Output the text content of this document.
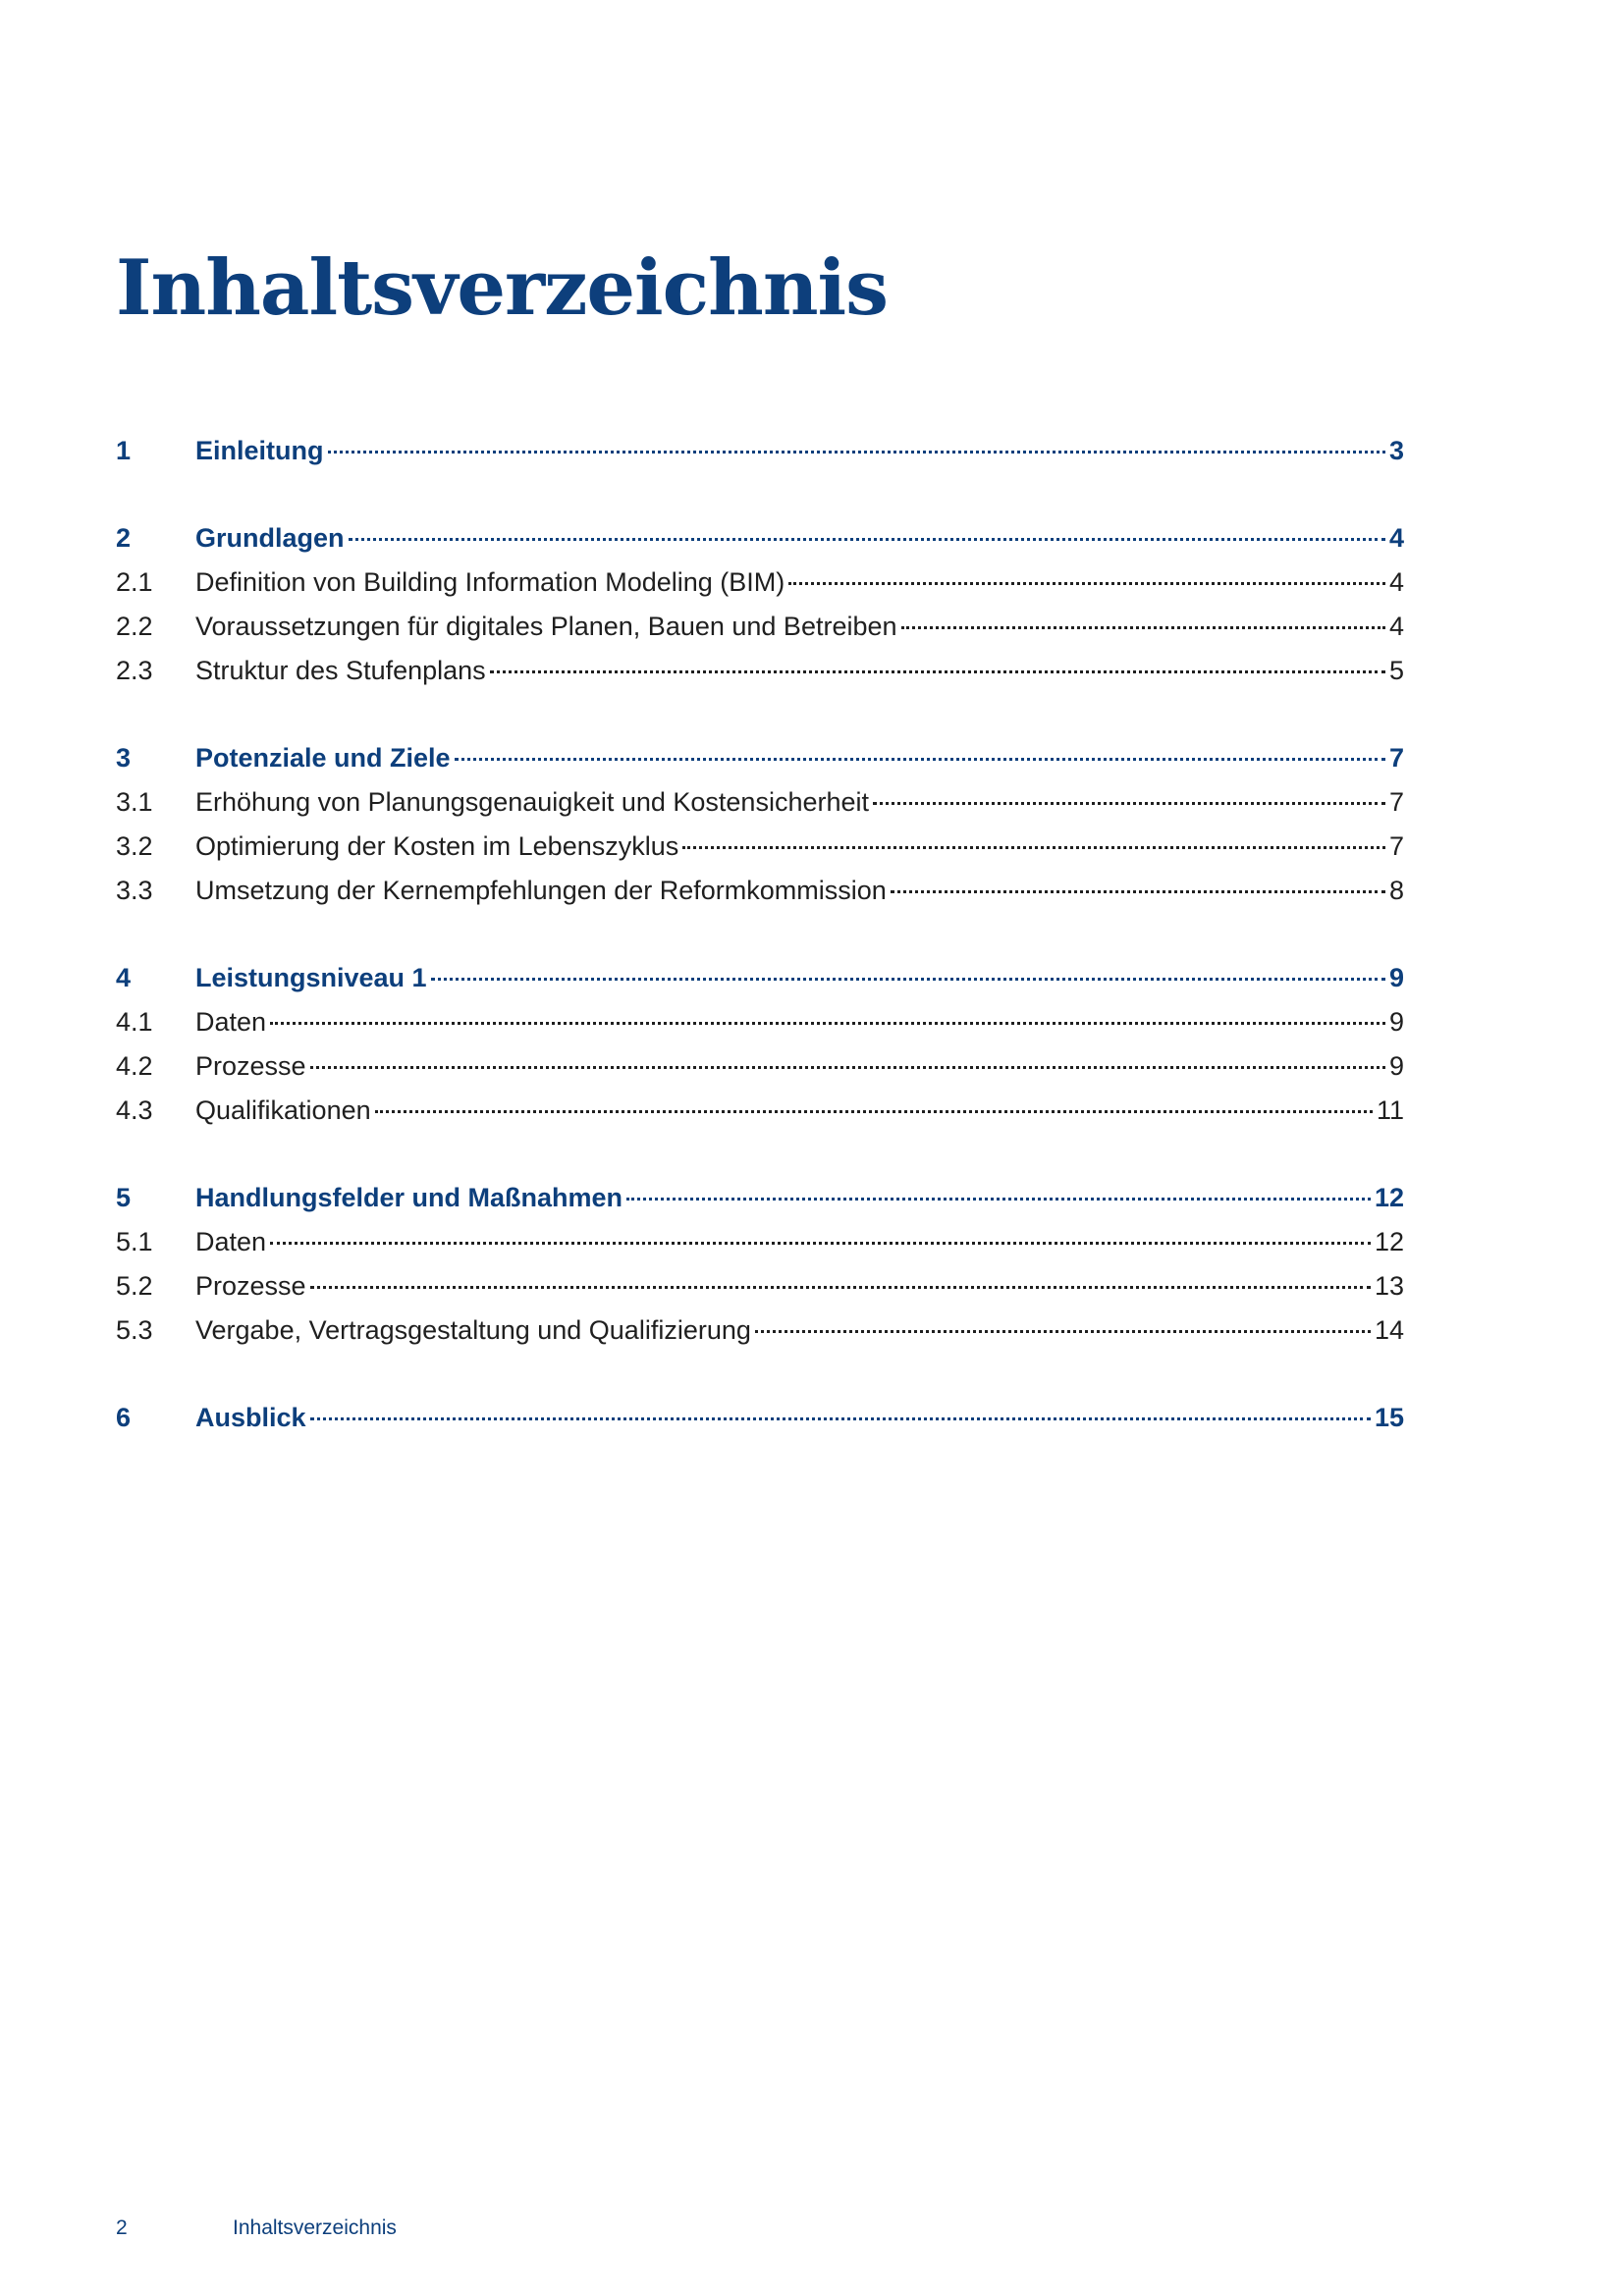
Inhaltsverzeichnis
1	Einleitung	3
2	Grundlagen	4
2.1	Definition von Building Information Modeling (BIM)	4
2.2	Voraussetzungen für digitales Planen, Bauen und Betreiben	4
2.3	Struktur des Stufenplans	5
3	Potenziale und Ziele	7
3.1	Erhöhung von Planungsgenauigkeit und Kostensicherheit	7
3.2	Optimierung der Kosten im Lebenszyklus	7
3.3	Umsetzung der Kernempfehlungen der Reformkommission	8
4	Leistungsniveau 1	9
4.1	Daten	9
4.2	Prozesse	9
4.3	Qualifikationen	11
5	Handlungsfelder und Maßnahmen	12
5.1	Daten	12
5.2	Prozesse	13
5.3	Vergabe, Vertragsgestaltung und Qualifizierung	14
6	Ausblick	15
2	Inhaltsverzeichnis
